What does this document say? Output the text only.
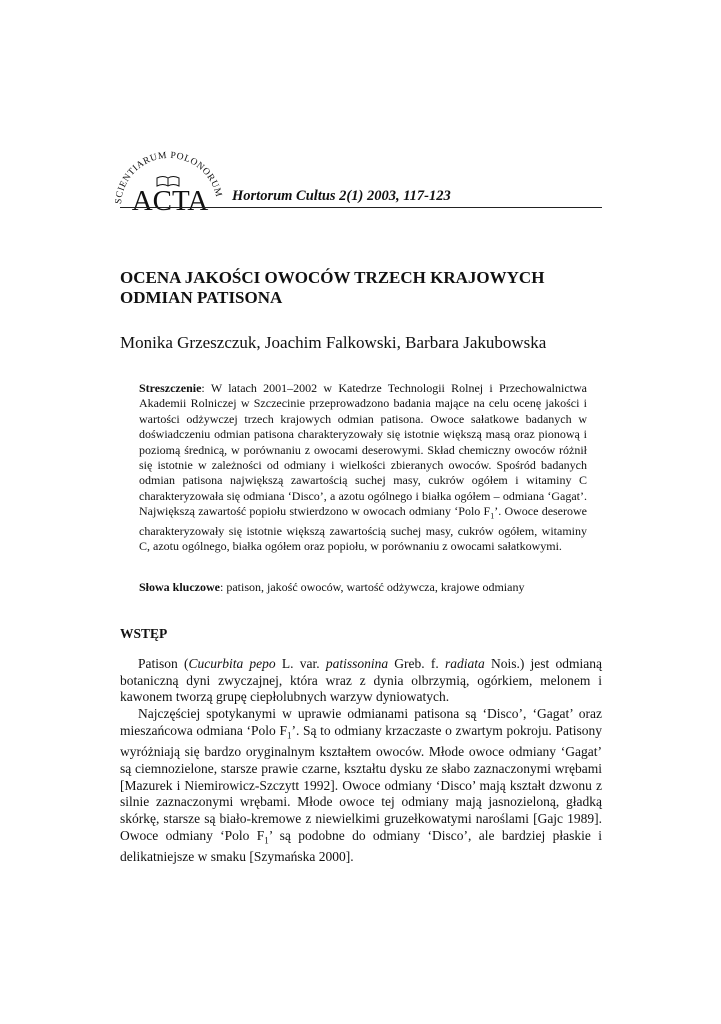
SCIENTIARUM POLONORUM
ACTA Hortorum Cultus 2(1) 2003, 117-123
OCENA JAKOŚCI OWOCÓW TRZECH KRAJOWYCH
ODMIAN PATISONA
Monika Grzeszczuk, Joachim Falkowski, Barbara Jakubowska

Streszczenie: W latach 2001–2002 w Katedrze Technologii Rolnej i Przechowalnictwa Akademii Rolniczej w Szczecinie przeprowadzono badania mające na celu ocenę jakości i wartości odżywczej trzech krajowych odmian patisona. Owoce sałatkowe badanych w doświadczeniu odmian patisona charakteryzowały się istotnie większą masą oraz pionową i poziomą średnicą, w porównaniu z owocami deserowymi. Skład chemiczny owoców różnił się istotnie w zależności od odmiany i wielkości zbieranych owoców. Spośród badanych odmian patisona największą zawartością suchej masy, cukrów ogółem i witaminy C charakteryzowała się odmiana ‘Disco’, a azotu ogólnego i białka ogółem – odmiana ‘Gagat’. Największą zawartość popiołu stwierdzono w owocach odmiany ‘Polo $F_1$’. Owoce deserowe charakteryzowały się istotnie większą zawartością suchej masy, cukrów ogółem, witaminy C, azotu ogólnego, białka ogółem oraz popiołu, w porównaniu z owocami sałatkowymi.

Słowa kluczowe: patison, jakość owoców, wartość odżywcza, krajowe odmiany

WSTĘP

Patison (Cucurbita pepo L. var. patissonina Greb. f. radiata Nois.) jest odmianą botaniczną dyni zwyczajnej, która wraz z dynia olbrzymią, ogórkiem, melonem i kawonem tworzą grupę ciepłolubnych warzyw dyniowatych.

Najczęściej spotykanymi w uprawie odmianami patisona są ‘Disco’, ‘Gagat’ oraz mieszańcowa odmiana ‘Polo $F_1$’. Są to odmiany krzaczaste o zwartym pokroju. Patisony wyróżniają się bardzo oryginalnym kształtem owoców. Młode owoce odmiany ‘Gagat’ są ciemnozielone, starsze prawie czarne, kształtu dysku ze słabo zaznaczonymi wrębami [Mazurek i Niemirowicz-Szczytt 1992]. Owoce odmiany ‘Disco’ mają kształt dzwonu z silnie zaznaczonymi wrębami. Młode owoce tej odmiany mają jasnozieloną, gładką skórkę, starsze są biało-kremowe z niewielkimi gruzełkowatymi naroślami [Gajc 1989]. Owoce odmiany ‘Polo $F_1$’ są podobne do odmiany ‘Disco’, ale bardziej płaskie i delikatniejsze w smaku [Szymańska 2000].
